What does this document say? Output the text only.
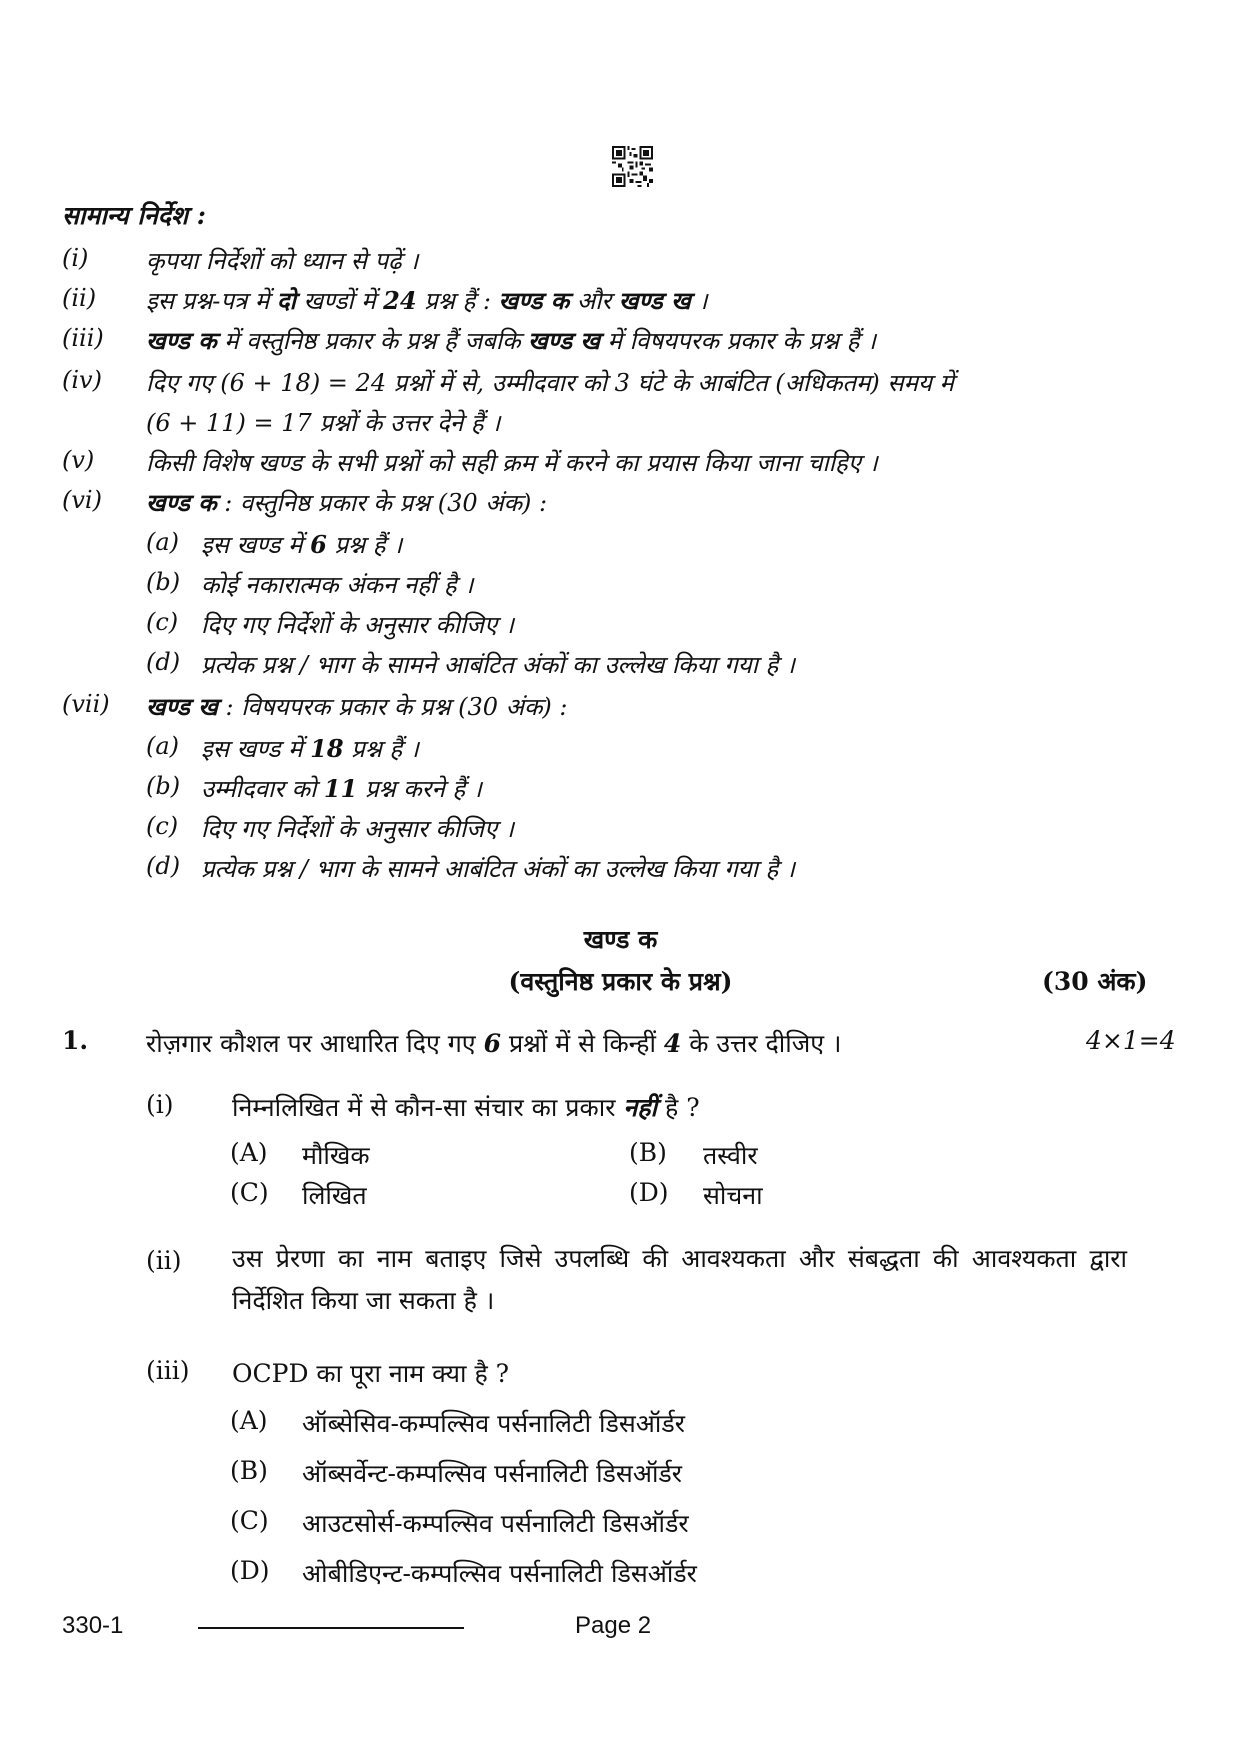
सामान्य निर्देश :
(i) कृपया निर्देशों को ध्यान से पढ़ें ।
(ii) इस प्रश्न-पत्र में दो खण्डों में 24 प्रश्न हैं : खण्ड क और खण्ड ख ।
(iii) खण्ड क में वस्तुनिष्ठ प्रकार के प्रश्न हैं जबकि खण्ड ख में विषयपरक प्रकार के प्रश्न हैं ।
(iv) दिए गए (6 + 18) = 24 प्रश्नों में से, उम्मीदवार को 3 घंटे के आबंटित (अधिकतम) समय में
(6 + 11) = 17 प्रश्नों के उत्तर देने हैं ।
(v) किसी विशेष खण्ड के सभी प्रश्नों को सही क्रम में करने का प्रयास किया जाना चाहिए ।
(vi) खण्ड क : वस्तुनिष्ठ प्रकार के प्रश्न (30 अंक) :
(a) इस खण्ड में 6 प्रश्न हैं ।
(b) कोई नकारात्मक अंकन नहीं है ।
(c) दिए गए निर्देशों के अनुसार कीजिए ।
(d) प्रत्येक प्रश्न / भाग के सामने आबंटित अंकों का उल्लेख किया गया है ।
(vii) खण्ड ख : विषयपरक प्रकार के प्रश्न (30 अंक) :
(a) इस खण्ड में 18 प्रश्न हैं ।
(b) उम्मीदवार को 11 प्रश्न करने हैं ।
(c) दिए गए निर्देशों के अनुसार कीजिए ।
(d) प्रत्येक प्रश्न / भाग के सामने आबंटित अंकों का उल्लेख किया गया है ।
खण्ड क
(वस्तुनिष्ठ प्रकार के प्रश्न)	(30 अंक)
1. रोज़गार कौशल पर आधारित दिए गए 6 प्रश्नों में से किन्हीं 4 के उत्तर दीजिए ।	4×1=4
(i) निम्नलिखित में से कौन-सा संचार का प्रकार नहीं है ?
(A) मौखिक	(B) तस्वीर
(C) लिखित	(D) सोचना
(ii) उस प्रेरणा का नाम बताइए जिसे उपलब्धि की आवश्यकता और संबद्धता की आवश्यकता द्वारा निर्देशित किया जा सकता है ।
(iii) OCPD का पूरा नाम क्या है ?
(A) ऑब्सेसिव-कम्पल्सिव पर्सनालिटी डिसऑर्डर
(B) ऑब्सर्वेन्ट-कम्पल्सिव पर्सनालिटी डिसऑर्डर
(C) आउटसोर्स-कम्पल्सिव पर्सनालिटी डिसऑर्डर
(D) ओबीडिएन्ट-कम्पल्सिव पर्सनालिटी डिसऑर्डर
330-1	Page 2
